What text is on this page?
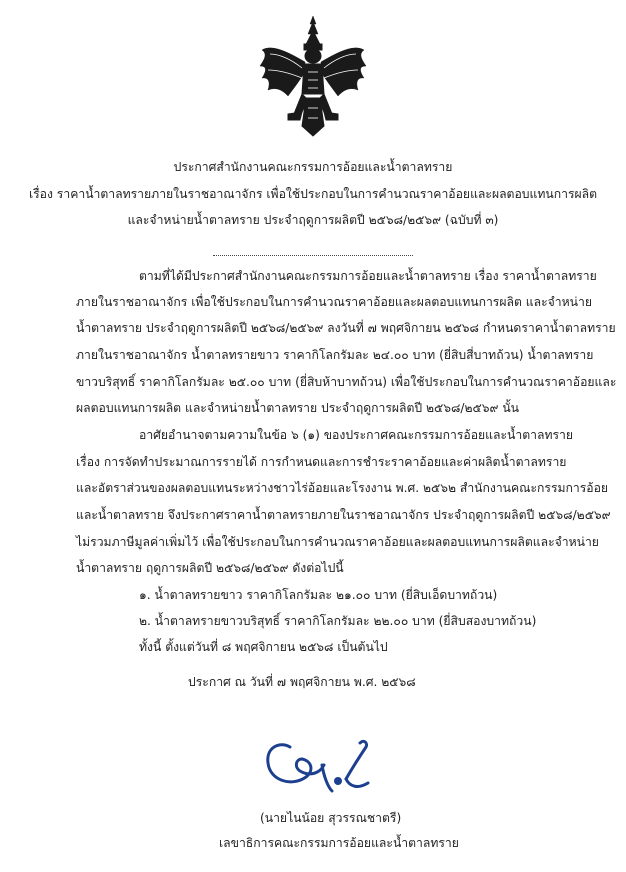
ประกาศสำนักงานคณะกรรมการอ้อยและน้ำตาลทราย
เรื่อง ราคาน้ำตาลทรายภายในราชอาณาจักร เพื่อใช้ประกอบในการคำนวณราคาอ้อยและผลตอบแทนการผลิต
และจำหน่ายน้ำตาลทราย ประจำฤดูการผลิตปี ๒๕๖๘/๒๕๖๙ (ฉบับที่ ๓)
ตามที่ได้มีประกาศสำนักงานคณะกรรมการอ้อยและน้ำตาลทราย เรื่อง ราคาน้ำตาลทราย
ภายในราชอาณาจักร เพื่อใช้ประกอบในการคำนวณราคาอ้อยและผลตอบแทนการผลิต และจำหน่าย
น้ำตาลทราย ประจำฤดูการผลิตปี ๒๕๖๘/๒๕๖๙ ลงวันที่ ๗ พฤศจิกายน ๒๕๖๘ กำหนดราคาน้ำตาลทราย
ภายในราชอาณาจักร น้ำตาลทรายขาว ราคากิโลกรัมละ ๒๔.๐๐ บาท (ยี่สิบสี่บาทถ้วน) น้ำตาลทราย
ขาวบริสุทธิ์ ราคากิโลกรัมละ ๒๕.๐๐ บาท (ยี่สิบห้าบาทถ้วน) เพื่อใช้ประกอบในการคำนวณราคาอ้อยและ
ผลตอบแทนการผลิต และจำหน่ายน้ำตาลทราย ประจำฤดูการผลิตปี ๒๕๖๘/๒๕๖๙ นั้น
อาศัยอำนาจตามความในข้อ ๖ (๑) ของประกาศคณะกรรมการอ้อยและน้ำตาลทราย
เรื่อง การจัดทำประมาณการรายได้ การกำหนดและการชำระราคาอ้อยและค่าผลิตน้ำตาลทราย
และอัตราส่วนของผลตอบแทนระหว่างชาวไร่อ้อยและโรงงาน พ.ศ. ๒๕๖๒ สำนักงานคณะกรรมการอ้อย
และน้ำตาลทราย จึงประกาศราคาน้ำตาลทรายภายในราชอาณาจักร ประจำฤดูการผลิตปี ๒๕๖๘/๒๕๖๙
ไม่รวมภาษีมูลค่าเพิ่มไว้ เพื่อใช้ประกอบในการคำนวณราคาอ้อยและผลตอบแทนการผลิตและจำหน่าย
น้ำตาลทราย ฤดูการผลิตปี ๒๕๖๘/๒๕๖๙ ดังต่อไปนี้
๑. น้ำตาลทรายขาว ราคากิโลกรัมละ ๒๑.๐๐ บาท (ยี่สิบเอ็ดบาทถ้วน)
๒. น้ำตาลทรายขาวบริสุทธิ์ ราคากิโลกรัมละ ๒๒.๐๐ บาท (ยี่สิบสองบาทถ้วน)
ทั้งนี้ ตั้งแต่วันที่ ๘ พฤศจิกายน ๒๕๖๘ เป็นต้นไป
ประกาศ ณ วันที่ ๗ พฤศจิกายน พ.ศ. ๒๕๖๘
(นายไนน้อย สุวรรณชาตรี)
เลขาธิการคณะกรรมการอ้อยและน้ำตาลทราย
